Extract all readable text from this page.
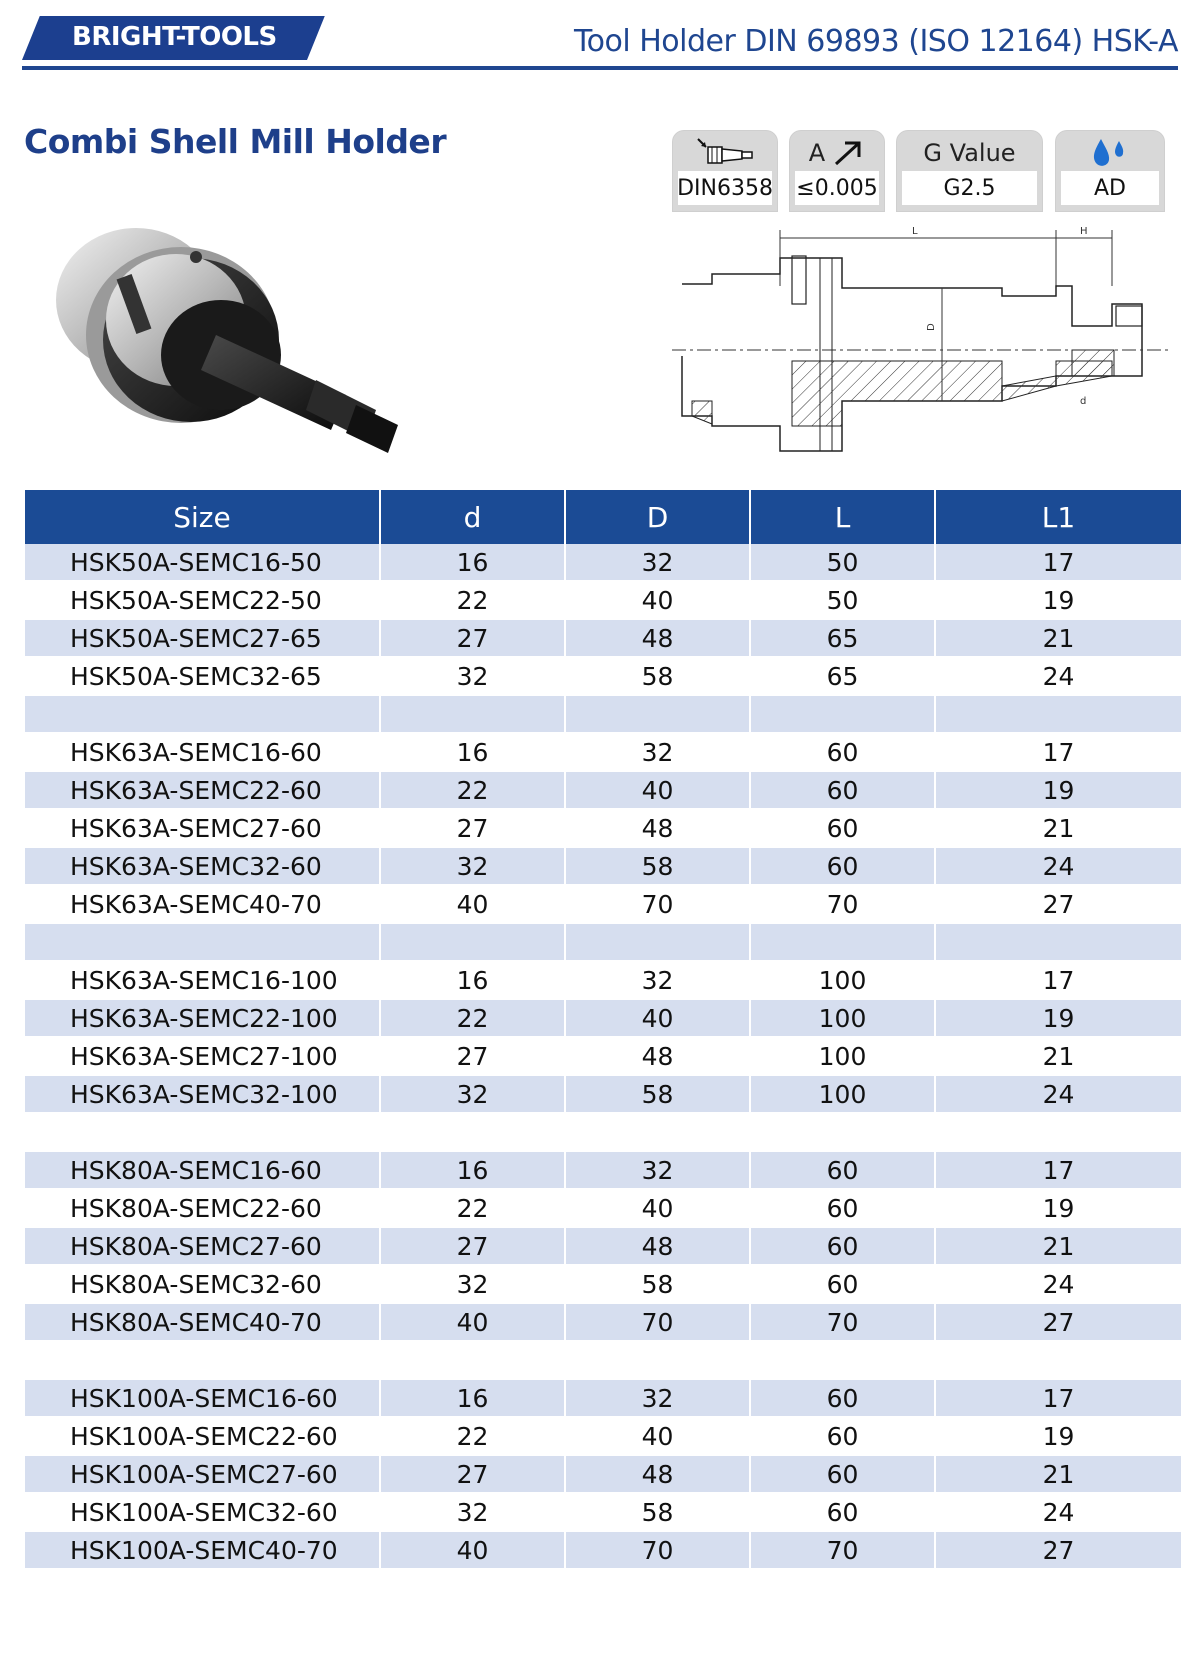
BRIGHT-TOOLS	Tool Holder DIN 69893 (ISO 12164) HSK-A
Combi Shell Mill Holder
DIN6358
A
≤0.005
G Value
G2.5	AD
L	H
D
d
Size	d	D	L	L1
HSK50A-SEMC16-50	16	32	50	17
HSK50A-SEMC22-50	22	40	50	19
HSK50A-SEMC27-65	27	48	65	21
HSK50A-SEMC32-65	32	58	65	24

HSK63A-SEMC16-60	16	32	60	17
HSK63A-SEMC22-60	22	40	60	19
HSK63A-SEMC27-60	27	48	60	21
HSK63A-SEMC32-60	32	58	60	24
HSK63A-SEMC40-70	40	70	70	27

HSK63A-SEMC16-100	16	32	100	17
HSK63A-SEMC22-100	22	40	100	19
HSK63A-SEMC27-100	27	48	100	21
HSK63A-SEMC32-100	32	58	100	24

HSK80A-SEMC16-60	16	32	60	17
HSK80A-SEMC22-60	22	40	60	19
HSK80A-SEMC27-60	27	48	60	21
HSK80A-SEMC32-60	32	58	60	24
HSK80A-SEMC40-70	40	70	70	27

HSK100A-SEMC16-60	16	32	60	17
HSK100A-SEMC22-60	22	40	60	19
HSK100A-SEMC27-60	27	48	60	21
HSK100A-SEMC32-60	32	58	60	24
HSK100A-SEMC40-70	40	70	70	27
